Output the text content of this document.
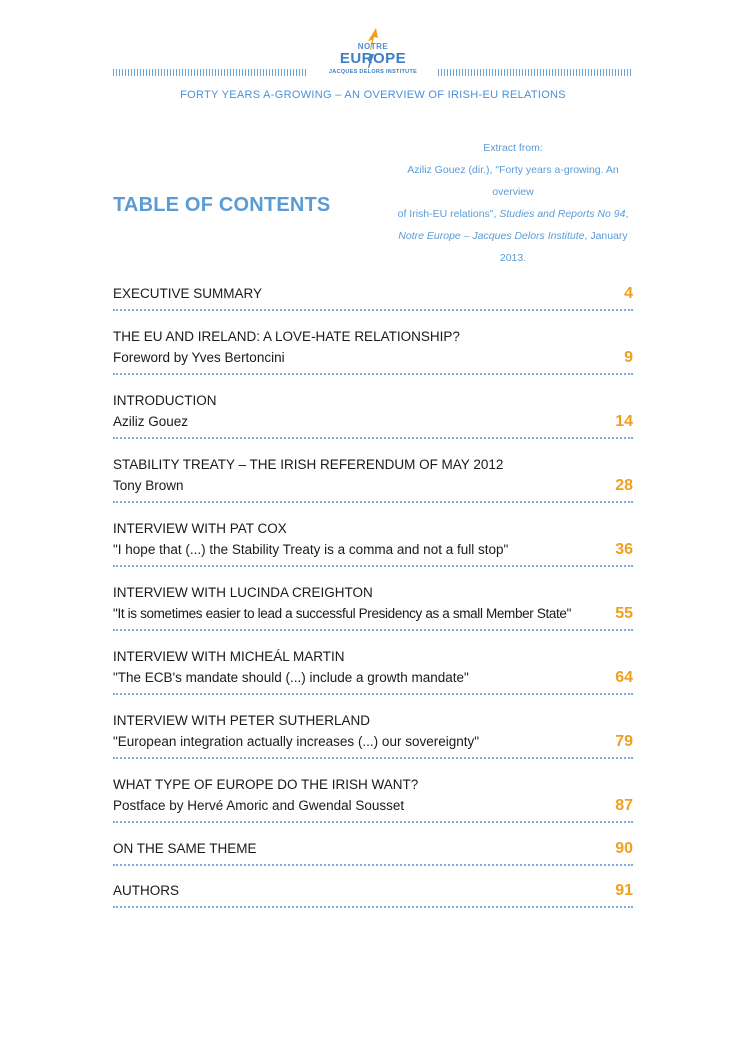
NOTRE
EUROPE
JACQUES DELORS INSTITUTE
FORTY YEARS A-GROWING – AN OVERVIEW OF IRISH-EU RELATIONS
Extract from:
Aziliz Gouez (dir.), "Forty years a-growing. An overview
of Irish-EU relations", Studies and Reports No 94,
Notre Europe – Jacques Delors Institute, January 2013.
TABLE OF CONTENTS
EXECUTIVE SUMMARY	4
THE EU AND IRELAND: A LOVE-HATE RELATIONSHIP?
Foreword by Yves Bertoncini	9
INTRODUCTION
Aziliz Gouez	14
STABILITY TREATY – THE IRISH REFERENDUM OF MAY 2012
Tony Brown	28
INTERVIEW WITH PAT COX
"I hope that (...) the Stability Treaty is a comma and not a full stop"	36
INTERVIEW WITH LUCINDA CREIGHTON
"It is sometimes easier to lead a successful Presidency as a small Member State"	55
INTERVIEW WITH MICHEÁL MARTIN
"The ECB's mandate should (...) include a growth mandate"	64
INTERVIEW WITH PETER SUTHERLAND
"European integration actually increases (...) our sovereignty"	79
WHAT TYPE OF EUROPE DO THE IRISH WANT?
Postface by Hervé Amoric and Gwendal Sousset	87
ON THE SAME THEME	90
AUTHORS	91
